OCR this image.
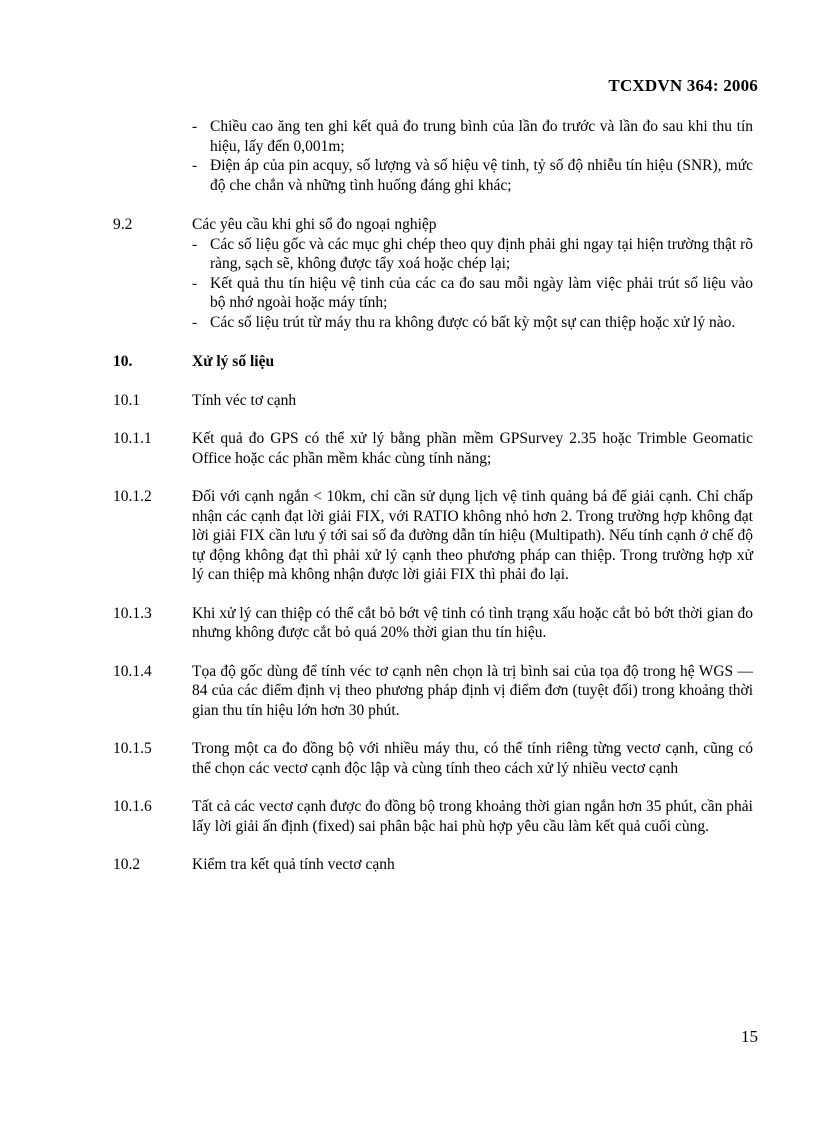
TCXDVN 364: 2006
- Chiều cao ăng ten ghi kết quả đo trung bình của lần đo trước và lần đo sau khi thu tín hiệu, lấy đến 0,001m;
- Điện áp của pin acquy, số lượng và số hiệu vệ tinh, tỷ số độ nhiễu tín hiệu (SNR), mức độ che chắn và những tình huống đáng ghi khác;
9.2	Các yêu cầu khi ghi sổ đo ngoại nghiệp

- Các số liệu gốc và các mục ghi chép theo quy định phải ghi ngay tại hiện trường thật rõ ràng, sạch sẽ, không được tẩy xoá hoặc chép lại;
- Kết quả thu tín hiệu vệ tinh của các ca đo sau mỗi ngày làm việc phải trút số liệu vào bộ nhớ ngoài hoặc máy tính;
- Các số liệu trút từ máy thu ra không được có bất kỳ một sự can thiệp hoặc xử lý nào.
10.	Xử lý số liệu

10.1	Tính véc tơ cạnh

10.1.1	Kết quả đo GPS có thể xử lý bằng phần mềm GPSurvey 2.35 hoặc Trimble Geomatic Office hoặc các phần mềm khác cùng tính năng;

10.1.2	Đối với cạnh ngắn < 10km, chỉ cần sử dụng lịch vệ tinh quảng bá để giải cạnh. Chỉ chấp nhận các cạnh đạt lời giải FIX, với RATIO không nhỏ hơn 2. Trong trường hợp không đạt lời giải FIX cần lưu ý tới sai số đa đường dẫn tín hiệu (Multipath). Nếu tính cạnh ở chế độ tự động không đạt thì phải xử lý cạnh theo phương pháp can thiệp. Trong trường hợp xử lý can thiệp mà không nhận được lời giải FIX thì phải đo lại.

10.1.3	Khi xử lý can thiệp có thể cắt bỏ bớt vệ tinh có tình trạng xấu hoặc cắt bỏ bớt thời gian đo nhưng không được cắt bỏ quá 20% thời gian thu tín hiệu.

10.1.4	Tọa độ gốc dùng để tính véc tơ cạnh nên chọn là trị bình sai của tọa độ trong hệ WGS —84 của các điểm định vị theo phương pháp định vị điểm đơn (tuyệt đối) trong khoảng thời gian thu tín hiệu lớn hơn 30 phút.

10.1.5	Trong một ca đo đồng bộ với nhiều máy thu, có thể tính riêng từng vectơ cạnh, cũng có thể chọn các vectơ cạnh độc lập và cùng tính theo cách xử lý nhiều vectơ cạnh

10.1.6	Tất cả các vectơ cạnh được đo đồng bộ trong khoảng thời gian ngắn hơn 35 phút, cần phải lấy lời giải ấn định (fixed) sai phân bậc hai phù hợp yêu cầu làm kết quả cuối cùng.

10.2	Kiểm tra kết quả tính vectơ cạnh

15
